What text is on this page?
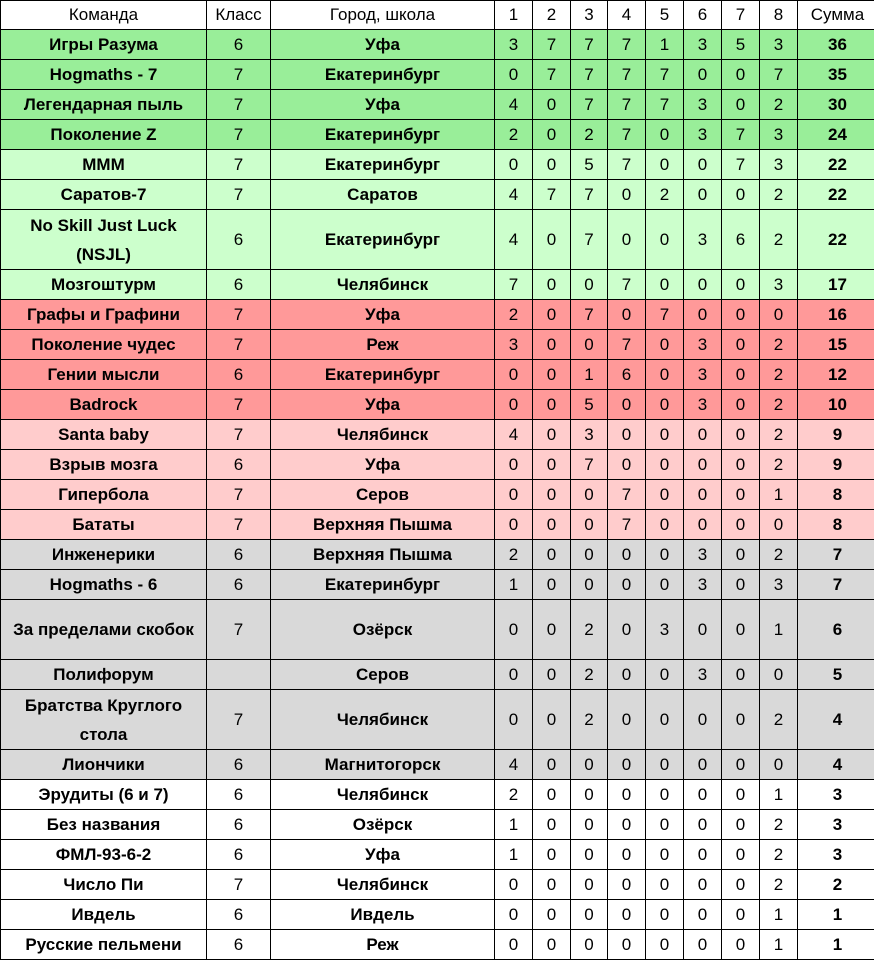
Команда	Класс	Город, школа	1	2	3	4	5	6	7	8	Сумма
Игры Разума	6	Уфа	3	7	7	7	1	3	5	3	36
Hogmaths - 7	7	Екатеринбург	0	7	7	7	7	0	0	7	35
Легендарная пыль	7	Уфа	4	0	7	7	7	3	0	2	30
Поколение Z	7	Екатеринбург	2	0	2	7	0	3	7	3	24
МММ	7	Екатеринбург	0	0	5	7	0	0	7	3	22
Саратов-7	7	Саратов	4	7	7	0	2	0	0	2	22
No Skill Just Luck (NSJL)	6	Екатеринбург	4	0	7	0	0	3	6	2	22
Мозгоштурм	6	Челябинск	7	0	0	7	0	0	0	3	17
Графы и Графини	7	Уфа	2	0	7	0	7	0	0	0	16
Поколение чудес	7	Реж	3	0	0	7	0	3	0	2	15
Гении мысли	6	Екатеринбург	0	0	1	6	0	3	0	2	12
Badrock	7	Уфа	0	0	5	0	0	3	0	2	10
Santa baby	7	Челябинск	4	0	3	0	0	0	0	2	9
Взрыв мозга	6	Уфа	0	0	7	0	0	0	0	2	9
Гипербола	7	Серов	0	0	0	7	0	0	0	1	8
Бататы	7	Верхняя Пышма	0	0	0	7	0	0	0	0	8
Инженерики	6	Верхняя Пышма	2	0	0	0	0	3	0	2	7
Hogmaths - 6	6	Екатеринбург	1	0	0	0	0	3	0	3	7
За пределами скобок	7	Озёрск	0	0	2	0	3	0	0	1	6
Полифорум		Серов	0	0	2	0	0	3	0	0	5
Братства Круглого стола	7	Челябинск	0	0	2	0	0	0	0	2	4
Лиончики	6	Магнитогорск	4	0	0	0	0	0	0	0	4
Эрудиты (6 и 7)	6	Челябинск	2	0	0	0	0	0	0	1	3
Без названия	6	Озёрск	1	0	0	0	0	0	0	2	3
ФМЛ-93-6-2	6	Уфа	1	0	0	0	0	0	0	2	3
Число Пи	7	Челябинск	0	0	0	0	0	0	0	2	2
Ивдель	6	Ивдель	0	0	0	0	0	0	0	1	1
Русские пельмени	6	Реж	0	0	0	0	0	0	0	1	1
